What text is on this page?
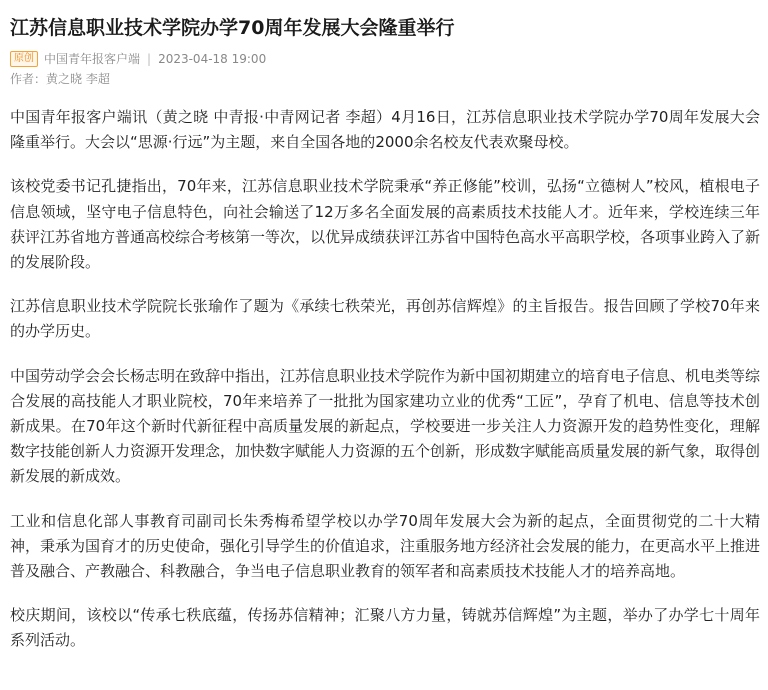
江苏信息职业技术学院办学70周年发展大会隆重举行
原创 中国青年报客户端 | 2023-04-18 19:00
作者：黄之晓 李超

中国青年报客户端讯（黄之晓 中青报·中青网记者 李超）4月16日，江苏信息职业技术学院办学70周年发展大会隆重举行。大会以“思源·行远”为主题，来自全国各地的2000余名校友代表欢聚母校。

该校党委书记孔捷指出，70年来，江苏信息职业技术学院秉承“养正修能”校训，弘扬“立德树人”校风，植根电子信息领域，坚守电子信息特色，向社会输送了12万多名全面发展的高素质技术技能人才。近年来，学校连续三年获评江苏省地方普通高校综合考核第一等次，以优异成绩获评江苏省中国特色高水平高职学校，各项事业跨入了新的发展阶段。

江苏信息职业技术学院院长张瑜作了题为《承续七秩荣光，再创苏信辉煌》的主旨报告。报告回顾了学校70年来的办学历史。

中国劳动学会会长杨志明在致辞中指出，江苏信息职业技术学院作为新中国初期建立的培育电子信息、机电类等综合发展的高技能人才职业院校，70年来培养了一批批为国家建功立业的优秀“工匠”，孕育了机电、信息等技术创新成果。在70年这个新时代新征程中高质量发展的新起点，学校要进一步关注人力资源开发的趋势性变化，理解数字技能创新人力资源开发理念，加快数字赋能人力资源的五个创新，形成数字赋能高质量发展的新气象，取得创新发展的新成效。

工业和信息化部人事教育司副司长朱秀梅希望学校以办学70周年发展大会为新的起点，全面贯彻党的二十大精神，秉承为国育才的历史使命，强化引导学生的价值追求，注重服务地方经济社会发展的能力，在更高水平上推进普及融合、产教融合、科教融合，争当电子信息职业教育的领军者和高素质技术技能人才的培养高地。

校庆期间，该校以“传承七秩底蕴，传扬苏信精神；汇聚八方力量，铸就苏信辉煌”为主题，举办了办学七十周年系列活动。
